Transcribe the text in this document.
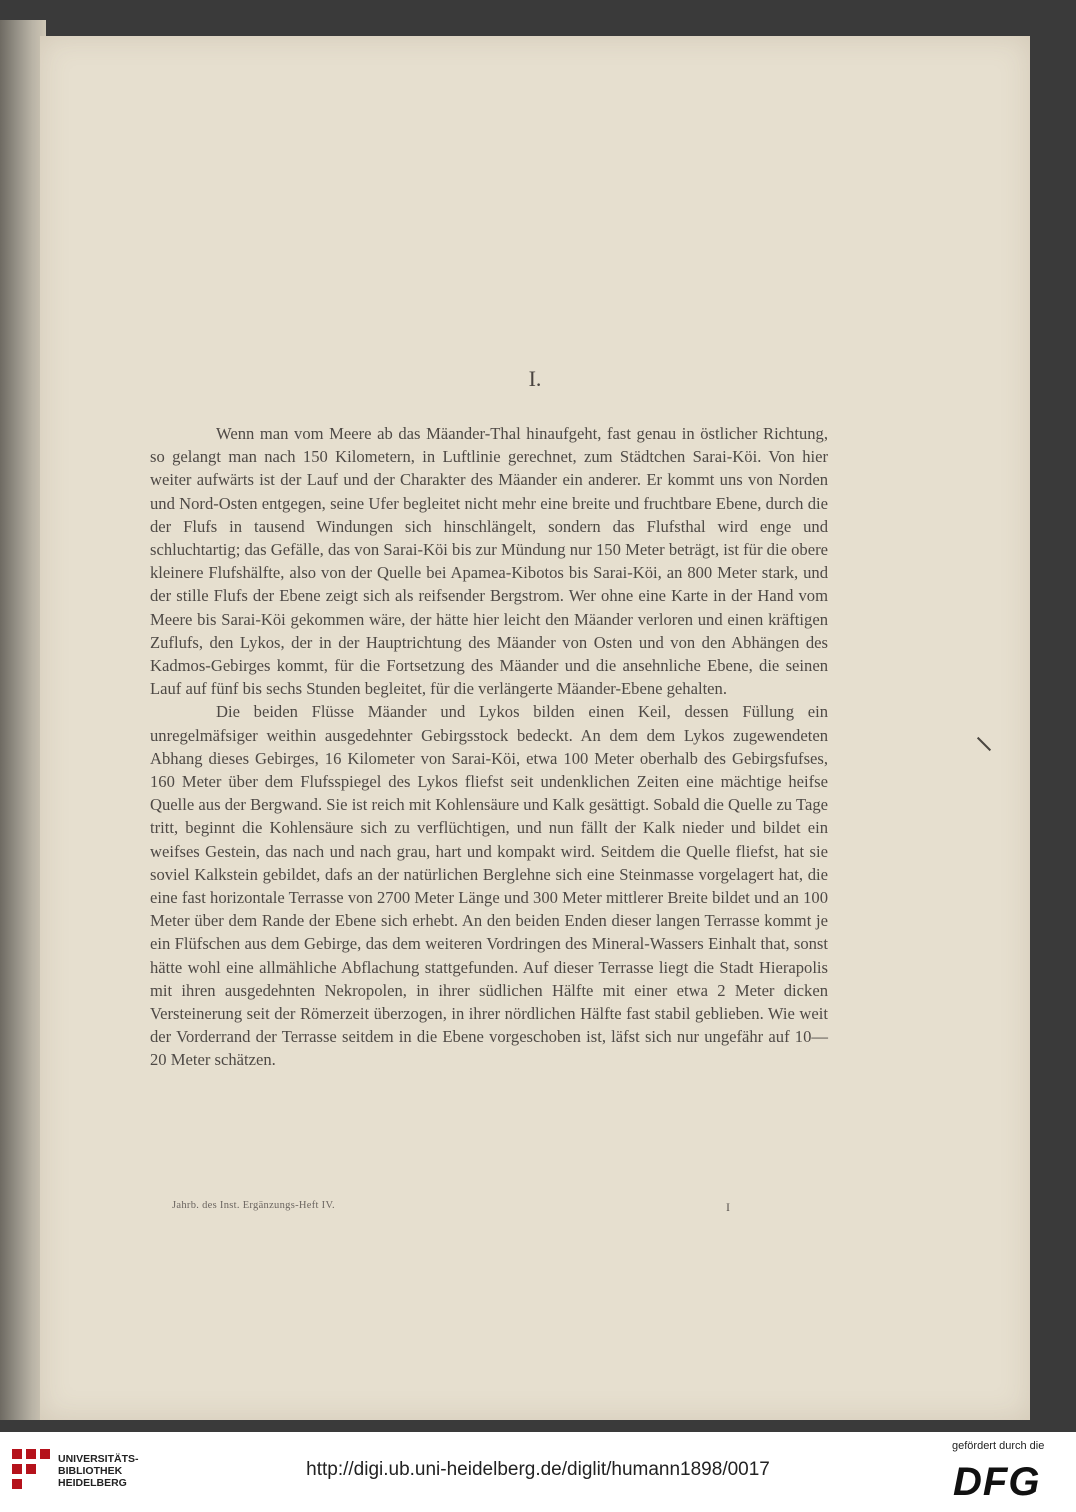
I.

Wenn man vom Meere ab das Mäander-Thal hinaufgeht, fast genau in östlicher Richtung, so gelangt man nach 150 Kilometern, in Luftlinie gerechnet, zum Städtchen Sarai-Köi. Von hier weiter aufwärts ist der Lauf und der Charakter des Mäander ein anderer. Er kommt uns von Norden und Nord-Osten entgegen, seine Ufer begleitet nicht mehr eine breite und fruchtbare Ebene, durch die der Flufs in tausend Windungen sich hinschlängelt, sondern das Flufsthal wird enge und schluchtartig; das Gefälle, das von Sarai-Köi bis zur Mündung nur 150 Meter beträgt, ist für die obere kleinere Flufshälfte, also von der Quelle bei Apamea-Kibotos bis Sarai-Köi, an 800 Meter stark, und der stille Flufs der Ebene zeigt sich als reifsender Bergstrom. Wer ohne eine Karte in der Hand vom Meere bis Sarai-Köi gekommen wäre, der hätte hier leicht den Mäander verloren und einen kräftigen Zuflufs, den Lykos, der in der Hauptrichtung des Mäander von Osten und von den Abhängen des Kadmos-Gebirges kommt, für die Fortsetzung des Mäander und die ansehnliche Ebene, die seinen Lauf auf fünf bis sechs Stunden begleitet, für die verlängerte Mäander-Ebene gehalten.

Die beiden Flüsse Mäander und Lykos bilden einen Keil, dessen Füllung ein unregelmäfsiger weithin ausgedehnter Gebirgsstock bedeckt. An dem dem Lykos zugewendeten Abhang dieses Gebirges, 16 Kilometer von Sarai-Köi, etwa 100 Meter oberhalb des Gebirgsfufses, 160 Meter über dem Flufsspiegel des Lykos fliefst seit undenklichen Zeiten eine mächtige heifse Quelle aus der Bergwand. Sie ist reich mit Kohlensäure und Kalk gesättigt. Sobald die Quelle zu Tage tritt, beginnt die Kohlensäure sich zu verflüchtigen, und nun fällt der Kalk nieder und bildet ein weifses Gestein, das nach und nach grau, hart und kompakt wird. Seitdem die Quelle fliefst, hat sie soviel Kalkstein gebildet, dafs an der natürlichen Berglehne sich eine Steinmasse vorgelagert hat, die eine fast horizontale Terrasse von 2700 Meter Länge und 300 Meter mittlerer Breite bildet und an 100 Meter über dem Rande der Ebene sich erhebt. An den beiden Enden dieser langen Terrasse kommt je ein Flüfschen aus dem Gebirge, das dem weiteren Vordringen des Mineral-Wassers Einhalt that, sonst hätte wohl eine allmähliche Abflachung stattgefunden. Auf dieser Terrasse liegt die Stadt Hierapolis mit ihren ausgedehnten Nekropolen, in ihrer südlichen Hälfte mit einer etwa 2 Meter dicken Versteinerung seit der Römerzeit überzogen, in ihrer nördlichen Hälfte fast stabil geblieben. Wie weit der Vorderrand der Terrasse seitdem in die Ebene vorgeschoben ist, läfst sich nur ungefähr auf 10—20 Meter schätzen.

Jahrb. des Inst. Ergänzungs-Heft IV.	I
UNIVERSITÄTS-
BIBLIOTHEK
HEIDELBERG
http://digi.ub.uni-heidelberg.de/diglit/humann1898/0017
gefördert durch die
DFG
